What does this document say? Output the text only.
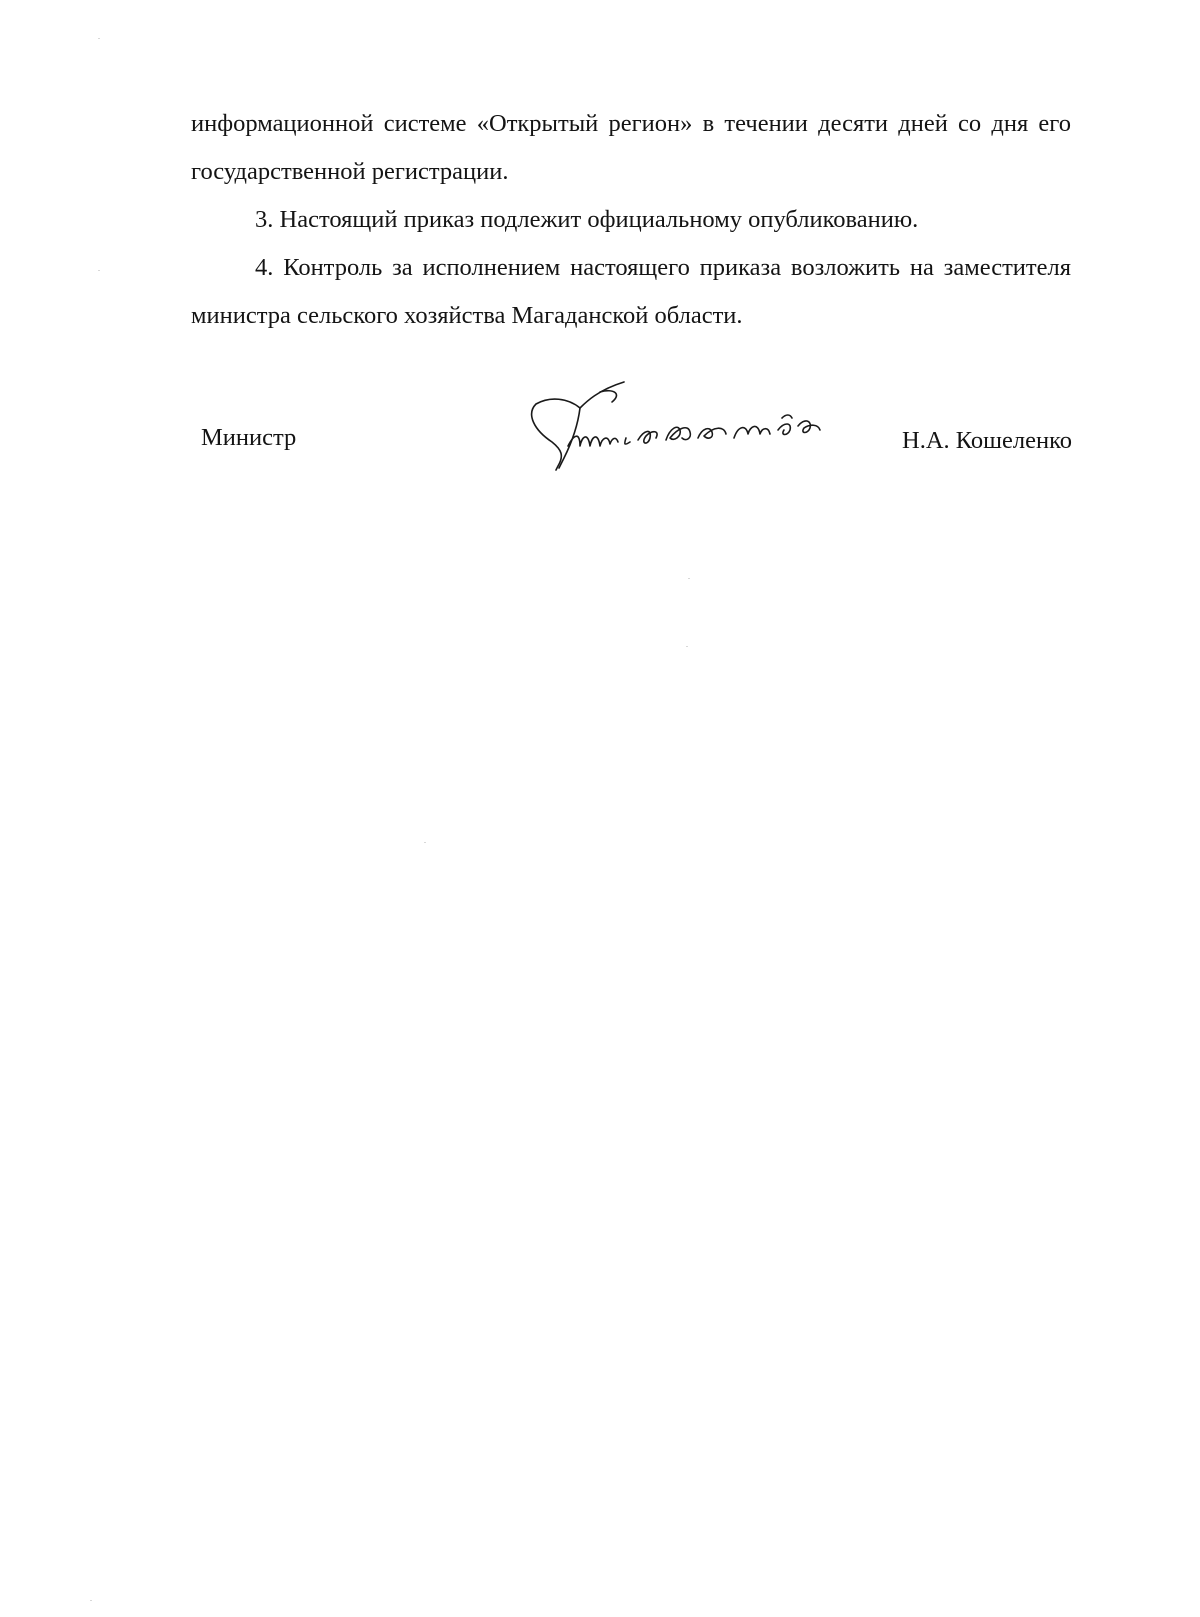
информационной системе «Открытый регион» в течении десяти дней со дня его государственной регистрации.

3. Настоящий приказ подлежит официальному опубликованию.

4. Контроль за исполнением настоящего приказа возложить на заместителя министра сельского хозяйства Магаданской области.

Министр	Н.А. Кошеленко
